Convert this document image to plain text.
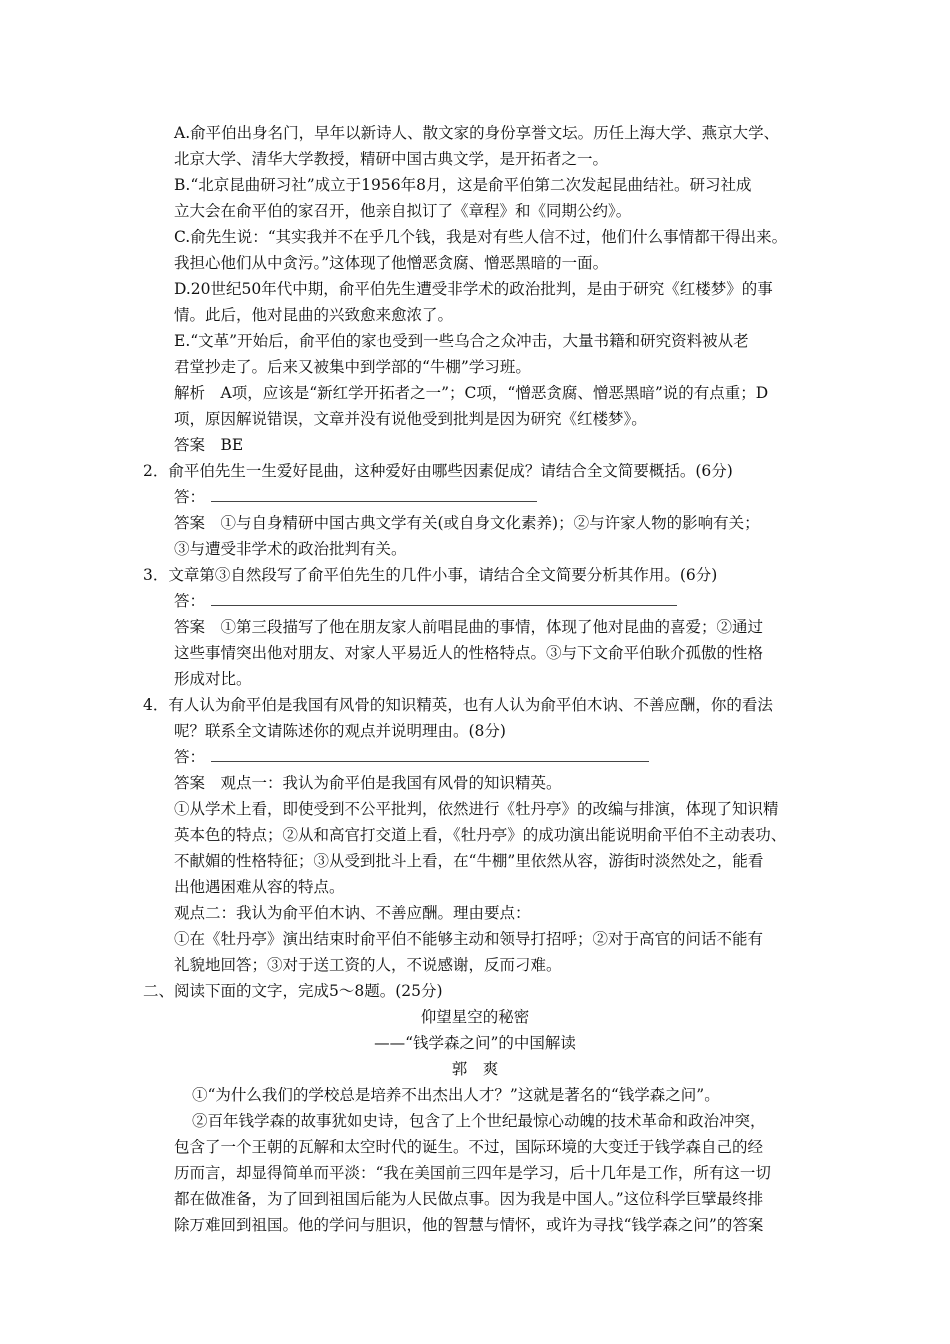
A.俞平伯出身名门，早年以新诗人、散文家的身份享誉文坛。历任上海大学、燕京大学、
北京大学、清华大学教授，精研中国古典文学，是开拓者之一。
B.“北京昆曲研习社”成立于1956年8月，这是俞平伯第二次发起昆曲结社。研习社成
立大会在俞平伯的家召开，他亲自拟订了《章程》和《同期公约》。
C.俞先生说：“其实我并不在乎几个钱，我是对有些人信不过，他们什么事情都干得出来。
我担心他们从中贪污。”这体现了他憎恶贪腐、憎恶黑暗的一面。
D.20世纪50年代中期，俞平伯先生遭受非学术的政治批判，是由于研究《红楼梦》的事
情。此后，他对昆曲的兴致愈来愈浓了。
E.“文革”开始后，俞平伯的家也受到一些乌合之众冲击，大量书籍和研究资料被从老
君堂抄走了。后来又被集中到学部的“牛棚”学习班。
解析　A项，应该是“新红学开拓者之一”；C项，“憎恶贪腐、憎恶黑暗”说的有点重；D
项，原因解说错误，文章并没有说他受到批判是因为研究《红楼梦》。
答案　BE
2．俞平伯先生一生爱好昆曲，这种爱好由哪些因素促成？请结合全文简要概括。(6分)
答：
答案　①与自身精研中国古典文学有关(或自身文化素养)；②与许家人物的影响有关；
③与遭受非学术的政治批判有关。
3．文章第③自然段写了俞平伯先生的几件小事，请结合全文简要分析其作用。(6分)
答：
答案　①第三段描写了他在朋友家人前唱昆曲的事情，体现了他对昆曲的喜爱；②通过
这些事情突出他对朋友、对家人平易近人的性格特点。③与下文俞平伯耿介孤傲的性格
形成对比。
4．有人认为俞平伯是我国有风骨的知识精英，也有人认为俞平伯木讷、不善应酬，你的看法
呢？联系全文请陈述你的观点并说明理由。(8分)
答：
答案　观点一：我认为俞平伯是我国有风骨的知识精英。
①从学术上看，即使受到不公平批判，依然进行《牡丹亭》的改编与排演，体现了知识精
英本色的特点；②从和高官打交道上看，《牡丹亭》的成功演出能说明俞平伯不主动表功、
不献媚的性格特征；③从受到批斗上看，在“牛棚”里依然从容，游街时淡然处之，能看
出他遇困难从容的特点。
观点二：我认为俞平伯木讷、不善应酬。理由要点：
①在《牡丹亭》演出结束时俞平伯不能够主动和领导打招呼；②对于高官的问话不能有
礼貌地回答；③对于送工资的人，不说感谢，反而刁难。
二、阅读下面的文字，完成5～8题。(25分)
仰望星空的秘密
——“钱学森之问”的中国解读
郭　爽
①“为什么我们的学校总是培养不出杰出人才？”这就是著名的“钱学森之问”。
②百年钱学森的故事犹如史诗，包含了上个世纪最惊心动魄的技术革命和政治冲突，
包含了一个王朝的瓦解和太空时代的诞生。不过，国际环境的大变迁于钱学森自己的经
历而言，却显得简单而平淡：“我在美国前三四年是学习，后十几年是工作，所有这一切
都在做准备，为了回到祖国后能为人民做点事。因为我是中国人。”这位科学巨擘最终排
除万难回到祖国。他的学问与胆识，他的智慧与情怀，或许为寻找“钱学森之问”的答案
